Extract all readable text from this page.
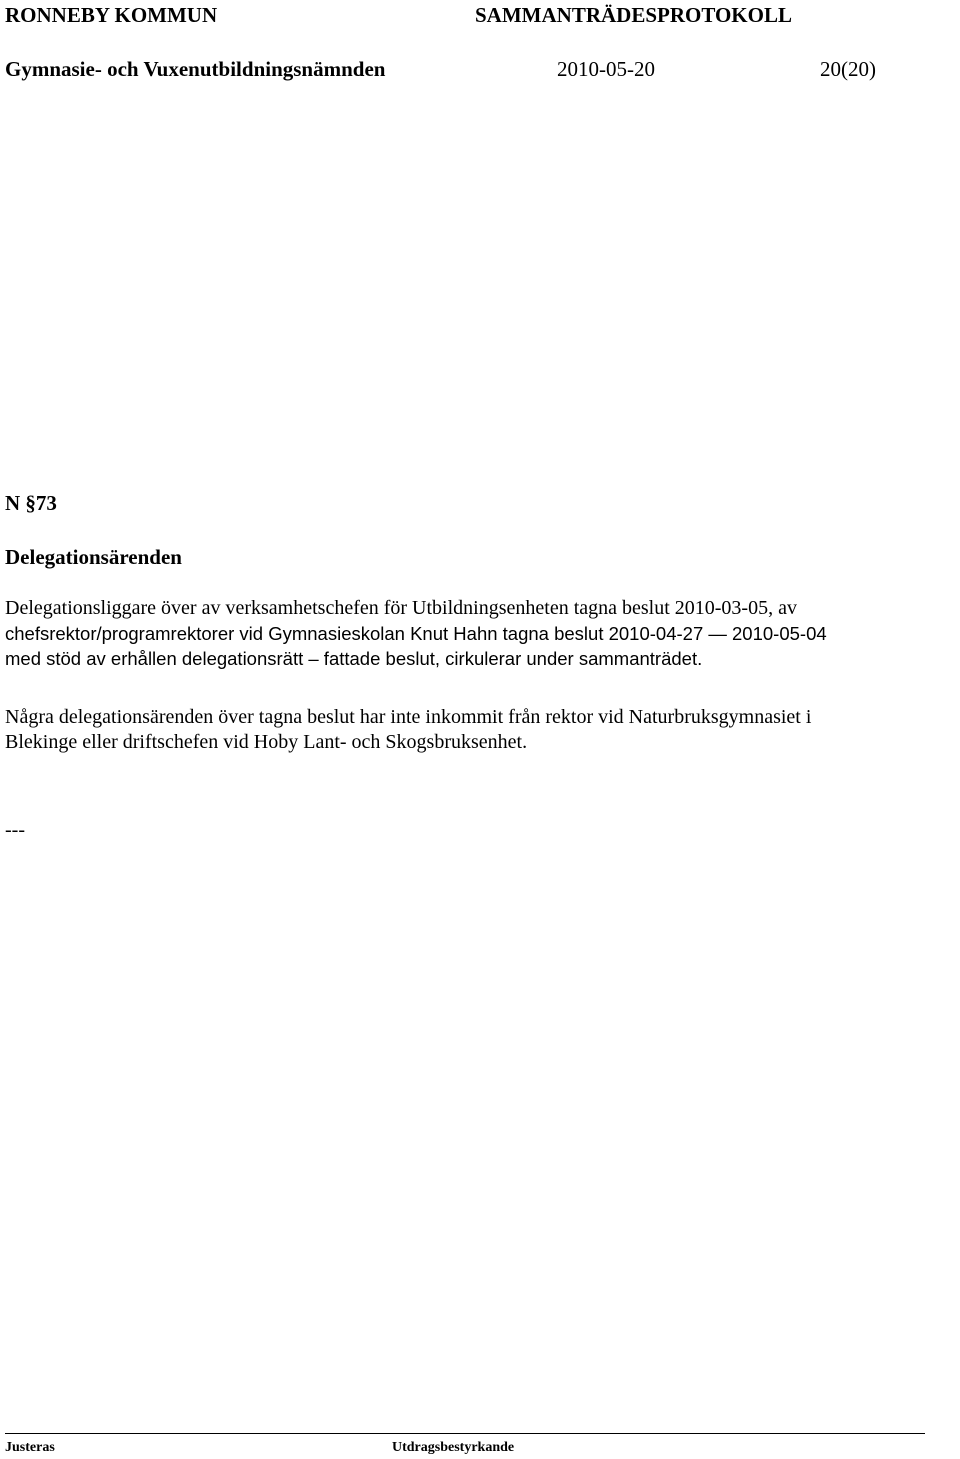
RONNEBY KOMMUN	SAMMANTRÄDESPROTOKOLL
Gymnasie- och Vuxenutbildningsnämnden	2010-05-20	20(20)
N §73
Delegationsärenden
Delegationsliggare över av verksamhetschefen för Utbildningsenheten tagna beslut 2010-03-05, av
chefsrektor/programrektorer vid Gymnasieskolan Knut Hahn tagna beslut 2010-04-27 — 2010-05-04
med stöd av erhållen delegationsrätt – fattade beslut, cirkulerar under sammanträdet.
Några delegationsärenden över tagna beslut har inte inkommit från rektor vid Naturbruksgymnasiet i
Blekinge eller driftschefen vid Hoby Lant- och Skogsbruksenhet.
---
Justeras	Utdragsbestyrkande
